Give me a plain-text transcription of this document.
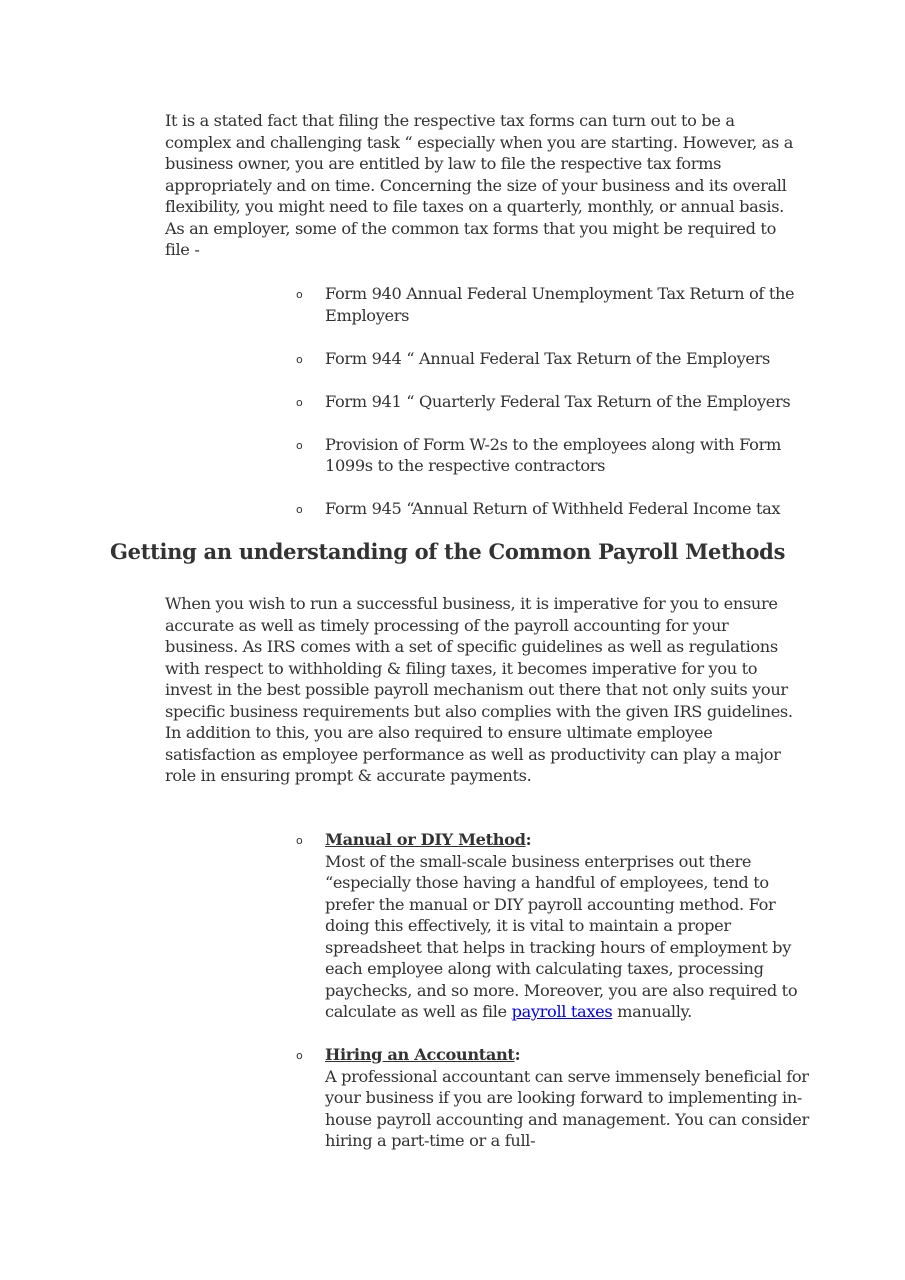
It is a stated fact that filing the respective tax forms can turn out to be a complex and challenging task “ especially when you are starting. However, as a business owner, you are entitled by law to file the respective tax forms appropriately and on time. Concerning the size of your business and its overall flexibility, you might need to file taxes on a quarterly, monthly, or annual basis. As an employer, some of the common tax forms that you might be required to file -

o Form 940 Annual Federal Unemployment Tax Return of the Employers
o Form 944 “ Annual Federal Tax Return of the Employers
o Form 941 “ Quarterly Federal Tax Return of the Employers
o Provision of Form W-2s to the employees along with Form 1099s to the respective contractors
o Form 945 “Annual Return of Withheld Federal Income tax
Getting an understanding of the Common Payroll Methods

When you wish to run a successful business, it is imperative for you to ensure accurate as well as timely processing of the payroll accounting for your business. As IRS comes with a set of specific guidelines as well as regulations with respect to withholding & filing taxes, it becomes imperative for you to invest in the best possible payroll mechanism out there that not only suits your specific business requirements but also complies with the given IRS guidelines. In addition to this, you are also required to ensure ultimate employee satisfaction as employee performance as well as productivity can play a major role in ensuring prompt & accurate payments.

o Manual or DIY Method:
Most of the small-scale business enterprises out there “especially those having a handful of employees, tend to prefer the manual or DIY payroll accounting method. For doing this effectively, it is vital to maintain a proper spreadsheet that helps in tracking hours of employment by each employee along with calculating taxes, processing paychecks, and so more. Moreover, you are also required to calculate as well as file payroll taxes manually.
o Hiring an Accountant:
A professional accountant can serve immensely beneficial for your business if you are looking forward to implementing in-house payroll accounting and management. You can consider hiring a part-time or a full-
